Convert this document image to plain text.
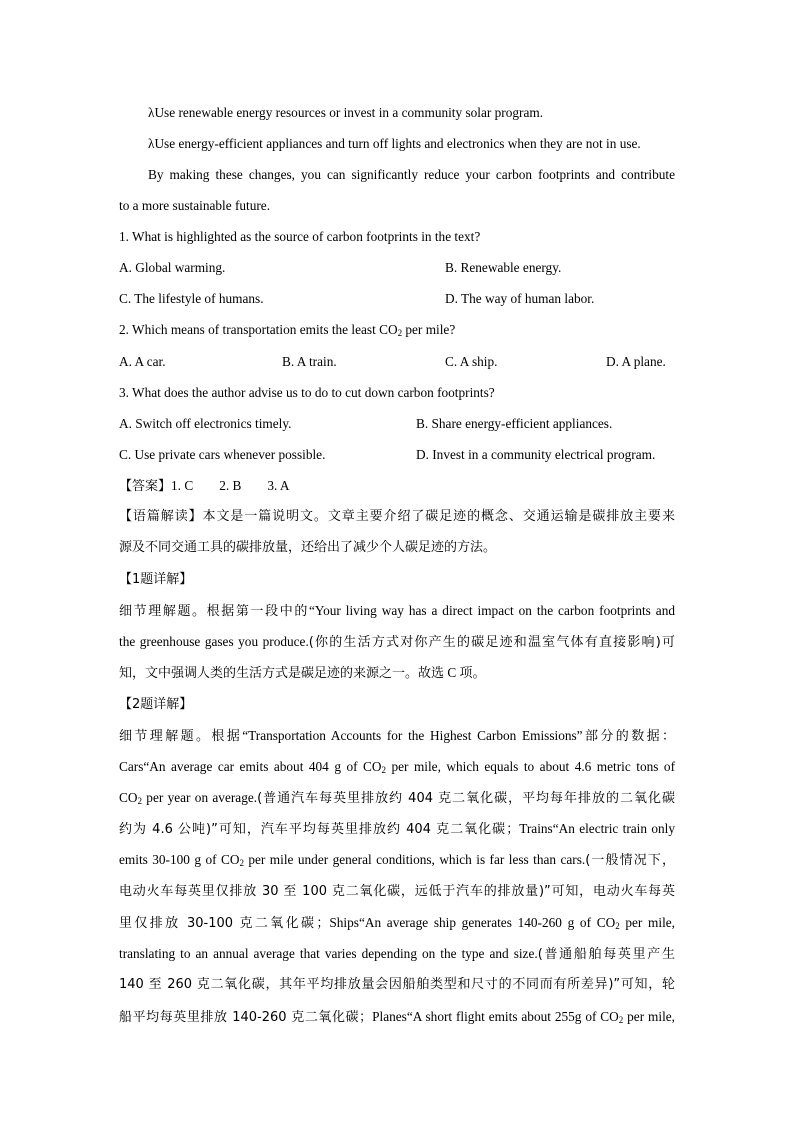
λUse renewable energy resources or invest in a community solar program.
λUse energy-efficient appliances and turn off lights and electronics when they are not in use.
By making these changes, you can significantly reduce your carbon footprints and contribute
to a more sustainable future.
1. What is highlighted as the source of carbon footprints in the text?
A. Global warming.	B. Renewable energy.
C. The lifestyle of humans.	D. The way of human labor.
2. Which means of transportation emits the least $CO_2$ per mile?
A. A car.	B. A train.	C. A ship.	D. A plane.
3. What does the author advise us to do to cut down carbon footprints?
A. Switch off electronics timely.	B. Share energy-efficient appliances.
C. Use private cars whenever possible.	D. Invest in a community electrical program.
【答案】1. C 2. B 3. A
【语篇解读】本文是一篇说明文。文章主要介绍了碳足迹的概念、交通运输是碳排放主要来
源及不同交通工具的碳排放量，还给出了减少个人碳足迹的方法。
【1题详解】
细节理解题。根据第一段中的“Your living way has a direct impact on the carbon footprints and
the greenhouse gases you produce.(你的生活方式对你产生的碳足迹和温室气体有直接影响)可
知，文中强调人类的生活方式是碳足迹的来源之一。故选 C 项。
【2题详解】
细节理解题。根据“Transportation Accounts for the Highest Carbon Emissions”部分的数据：
Cars“An average car emits about 404 g of $CO_2$ per mile, which equals to about 4.6 metric tons of
$CO_2$ per year on average.(普通汽车每英里排放约 404 克二氧化碳，平均每年排放的二氧化碳
约为 4.6 公吨)”可知，汽车平均每英里排放约 404 克二氧化碳；Trains“An electric train only
emits 30-100 g of $CO_2$ per mile under general conditions, which is far less than cars.(一般情况下，
电动火车每英里仅排放 30 至 100 克二氧化碳，远低于汽车的排放量)”可知，电动火车每英
里仅排放 30-100 克二氧化碳；Ships“An average ship generates 140-260 g of $CO_2$ per mile,
translating to an annual average that varies depending on the type and size.(普通船舶每英里产生
140 至 260 克二氧化碳，其年平均排放量会因船舶类型和尺寸的不同而有所差异)”可知，轮
船平均每英里排放 140-260 克二氧化碳；Planes“A short flight emits about 255g of $CO_2$ per mile,
